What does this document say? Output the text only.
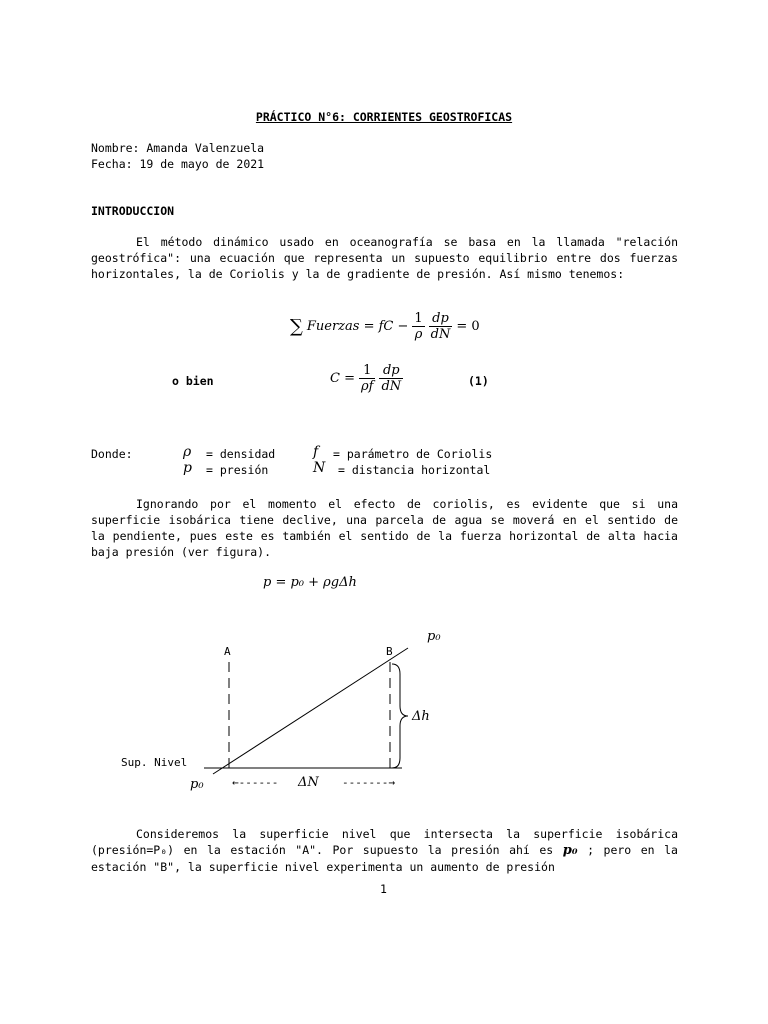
PRÁCTICO N°6: CORRIENTES GEOSTROFICAS
Nombre: Amanda Valenzuela
Fecha: 19 de mayo de 2021
INTRODUCCION
El método dinámico usado en oceanografía se basa en la llamada "relación geostrófica": una ecuación que representa un supuesto equilibrio entre dos fuerzas horizontales, la de Coriolis y la de gradiente de presión. Así mismo tenemos:
∑ Fuerzas = fC − $\frac{1}{\rho} \frac{dp}{dN} = 0$
o bien	$C = \frac{1}{\rho f} \frac{dp}{dN}$	(1)
Donde:	ρ = densidad	f = parámetro de Coriolis
p = presión	N = distancia horizontal
Ignorando por el momento el efecto de coriolis, es evidente que si una superficie isobárica tiene declive, una parcela de agua se moverá en el sentido de la pendiente, pues este es también el sentido de la fuerza horizontal de alta hacia baja presión (ver figura).
p = p₀ + ρgΔh
A	B
p₀
Δh
Sup. Nivel
p₀	←------ ΔN -------→
Consideremos la superficie nivel que intersecta la superficie isobárica (presión=P₀) en la estación "A". Por supuesto la presión ahí es p₀ ; pero en la estación "B", la superficie nivel experimenta un aumento de presión
1
